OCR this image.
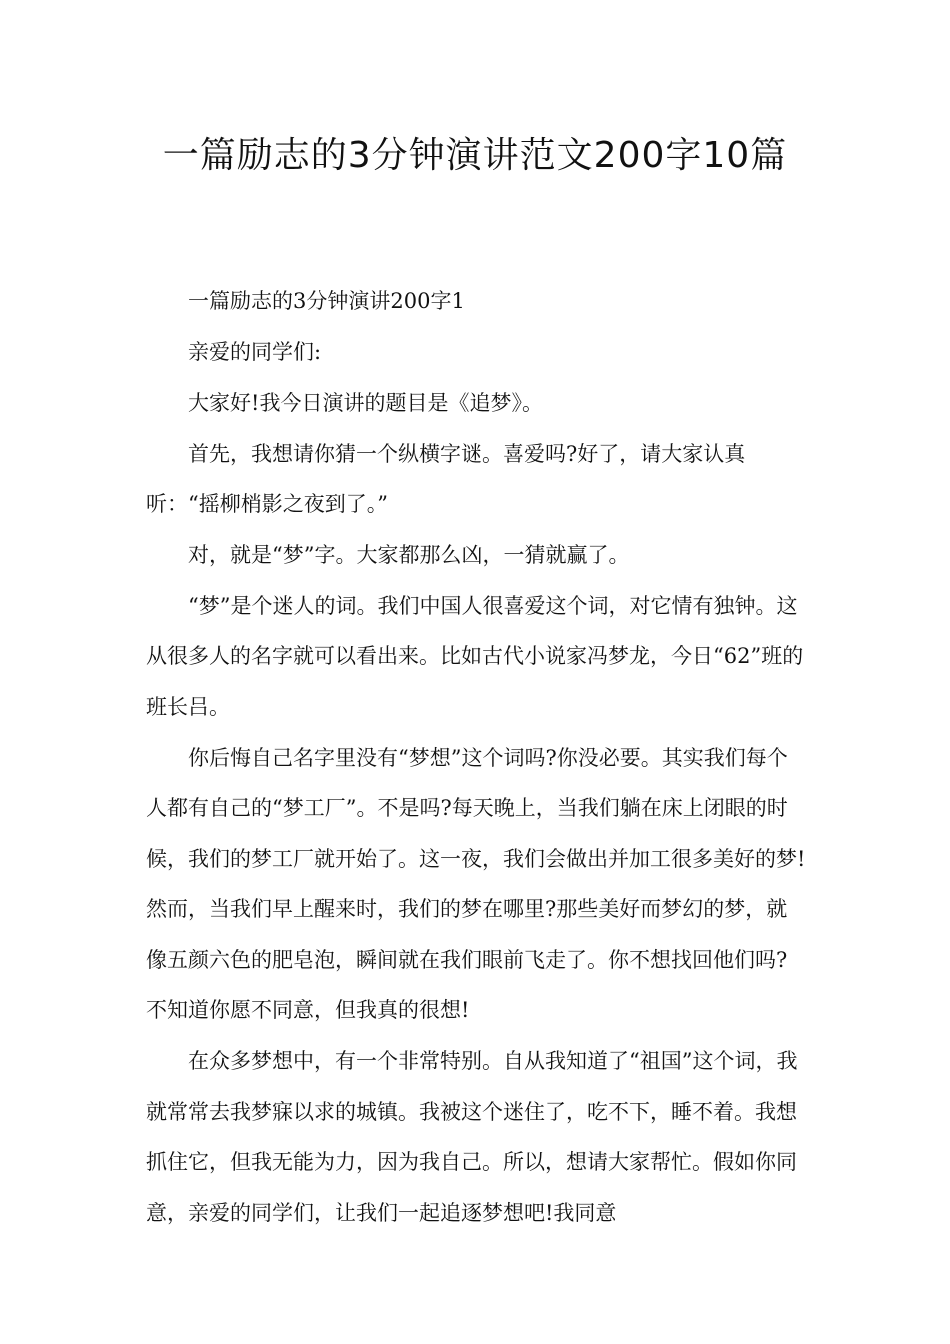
一篇励志的3分钟演讲范文200字10篇

一篇励志的3分钟演讲200字1

亲爱的同学们:

大家好!我今日演讲的题目是《追梦》。

首先，我想请你猜一个纵横字谜。喜爱吗?好了，请大家认真听：“摇柳梢影之夜到了。”

对，就是“梦”字。大家都那么凶，一猜就赢了。

“梦”是个迷人的词。我们中国人很喜爱这个词，对它情有独钟。这从很多人的名字就可以看出来。比如古代小说家冯梦龙，今日“62”班的班长吕。

你后悔自己名字里没有“梦想”这个词吗?你没必要。其实我们每个人都有自己的“梦工厂”。不是吗?每天晚上，当我们躺在床上闭眼的时候，我们的梦工厂就开始了。这一夜，我们会做出并加工很多美好的梦!然而，当我们早上醒来时，我们的梦在哪里?那些美好而梦幻的梦，就像五颜六色的肥皂泡，瞬间就在我们眼前飞走了。你不想找回他们吗?不知道你愿不同意，但我真的很想!

在众多梦想中，有一个非常特别。自从我知道了“祖国”这个词，我就常常去我梦寐以求的城镇。我被这个迷住了，吃不下，睡不着。我想抓住它，但我无能为力，因为我自己。所以，想请大家帮忙。假如你同意，亲爱的同学们，让我们一起追逐梦想吧!我同意
